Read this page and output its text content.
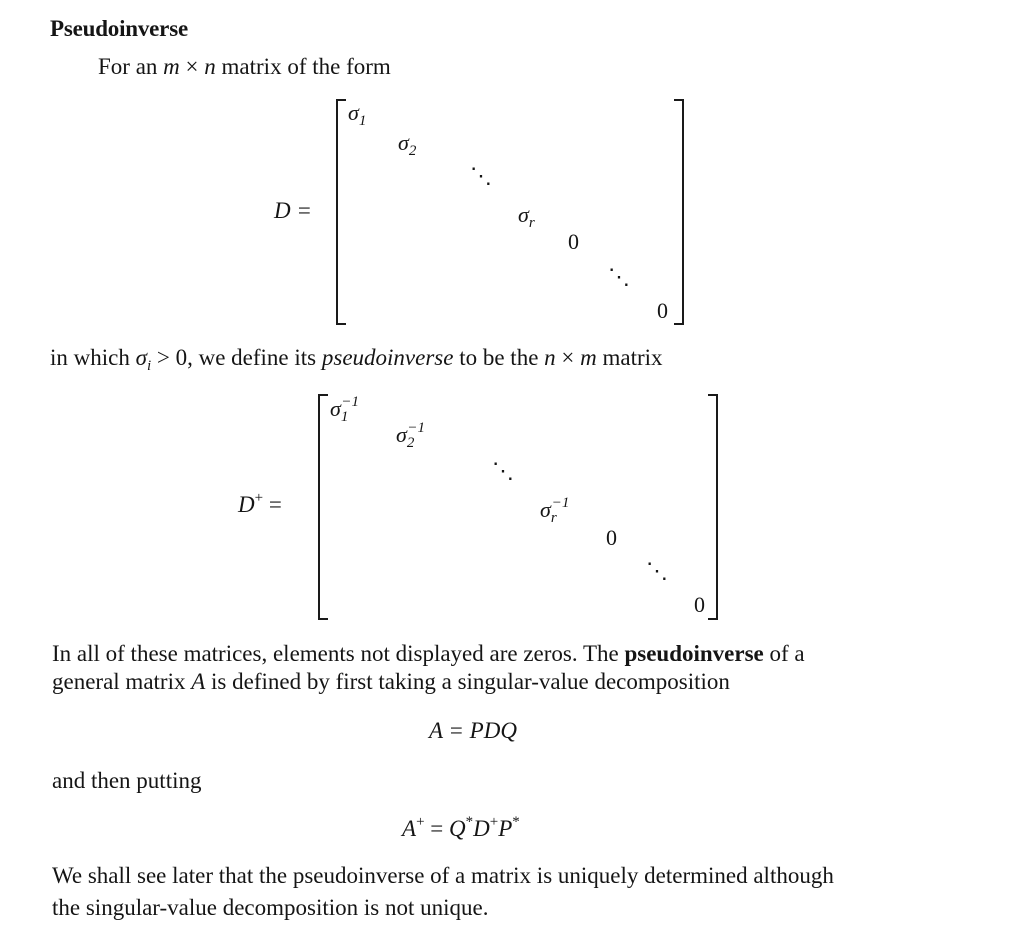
Pseudoinverse
For an m × n matrix of the form
D =
$\sigma_1$
$\sigma_2$
⋱
$\sigma_r$
0
⋱
0
in which $\sigma_i > 0$, we define its pseudoinverse to be the n × m matrix
D+ =
$\sigma_1^{-1}$
$\sigma_2^{-1}$
⋱
$\sigma_r^{-1}$
0
⋱
0
In all of these matrices, elements not displayed are zeros. The pseudoinverse of a
general matrix A is defined by first taking a singular-value decomposition
A = PDQ
and then putting
A+ = Q*D+P*
We shall see later that the pseudoinverse of a matrix is uniquely determined although
the singular-value decomposition is not unique.
